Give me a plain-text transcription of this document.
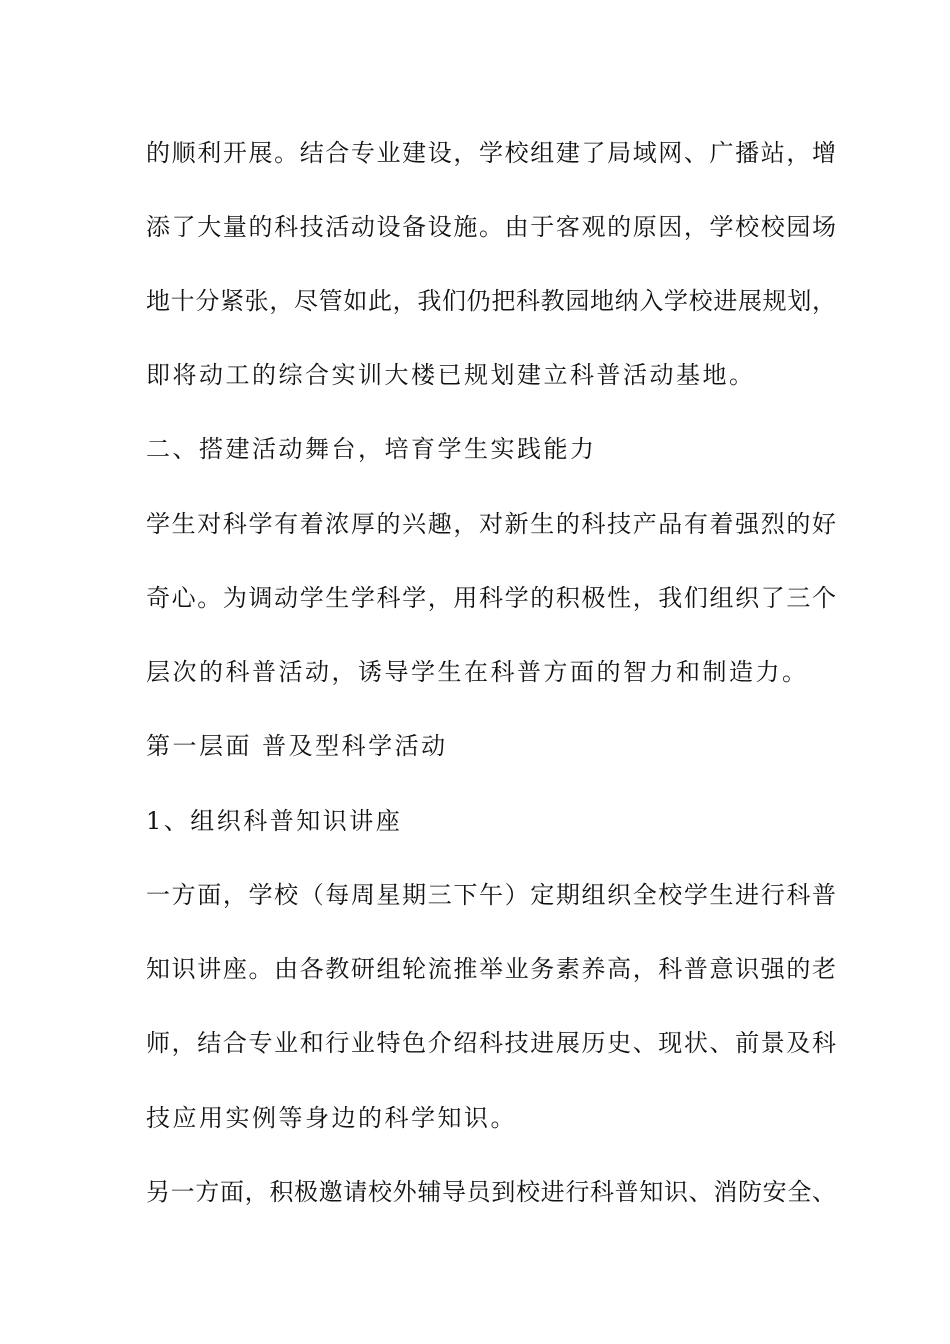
的顺利开展。结合专业建设，学校组建了局域网、广播站，增

添了大量的科技活动设备设施。由于客观的原因，学校校园场

地十分紧张，尽管如此，我们仍把科教园地纳入学校进展规划，

即将动工的综合实训大楼已规划建立科普活动基地。

二、搭建活动舞台，培育学生实践能力

学生对科学有着浓厚的兴趣，对新生的科技产品有着强烈的好

奇心。为调动学生学科学，用科学的积极性，我们组织了三个

层次的科普活动，诱导学生在科普方面的智力和制造力。

第一层面 普及型科学活动

1、组织科普知识讲座

一方面，学校（每周星期三下午）定期组织全校学生进行科普

知识讲座。由各教研组轮流推举业务素养高，科普意识强的老

师，结合专业和行业特色介绍科技进展历史、现状、前景及科

技应用实例等身边的科学知识。

另一方面，积极邀请校外辅导员到校进行科普知识、消防安全、
